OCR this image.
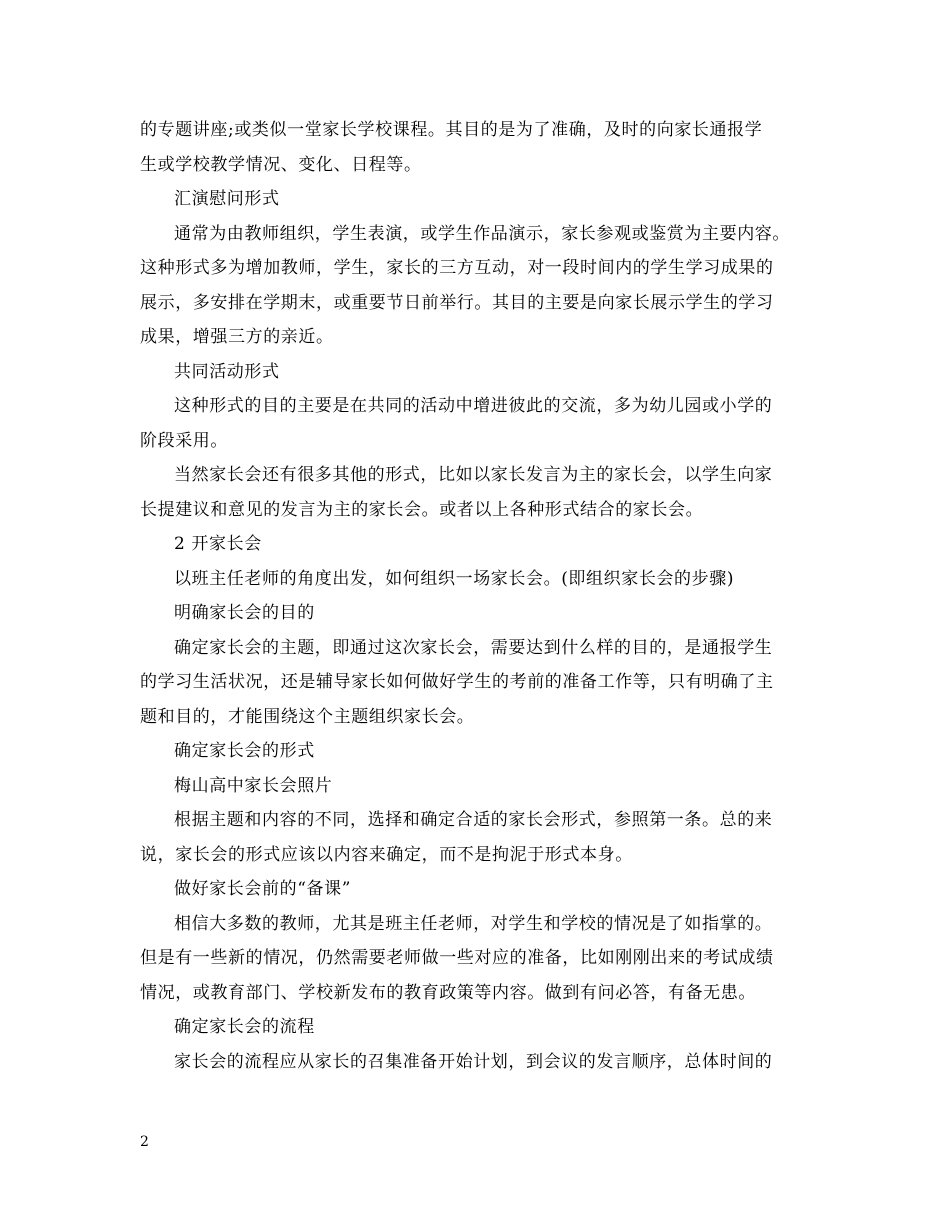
的专题讲座;或类似一堂家长学校课程。其目的是为了准确，及时的向家长通报学
生或学校教学情况、变化、日程等。
汇演慰问形式
通常为由教师组织，学生表演，或学生作品演示，家长参观或鉴赏为主要内容。
这种形式多为增加教师，学生，家长的三方互动，对一段时间内的学生学习成果的
展示，多安排在学期末，或重要节日前举行。其目的主要是向家长展示学生的学习
成果，增强三方的亲近。
共同活动形式
这种形式的目的主要是在共同的活动中增进彼此的交流，多为幼儿园或小学的
阶段采用。
当然家长会还有很多其他的形式，比如以家长发言为主的家长会，以学生向家
长提建议和意见的发言为主的家长会。或者以上各种形式结合的家长会。
2 开家长会
以班主任老师的角度出发，如何组织一场家长会。(即组织家长会的步骤)
明确家长会的目的
确定家长会的主题，即通过这次家长会，需要达到什么样的目的，是通报学生
的学习生活状况，还是辅导家长如何做好学生的考前的准备工作等，只有明确了主
题和目的，才能围绕这个主题组织家长会。
确定家长会的形式
梅山高中家长会照片
根据主题和内容的不同，选择和确定合适的家长会形式，参照第一条。总的来
说，家长会的形式应该以内容来确定，而不是拘泥于形式本身。
做好家长会前的“备课”
相信大多数的教师，尤其是班主任老师，对学生和学校的情况是了如指掌的。
但是有一些新的情况，仍然需要老师做一些对应的准备，比如刚刚出来的考试成绩
情况，或教育部门、学校新发布的教育政策等内容。做到有问必答，有备无患。
确定家长会的流程
家长会的流程应从家长的召集准备开始计划，到会议的发言顺序，总体时间的
2
